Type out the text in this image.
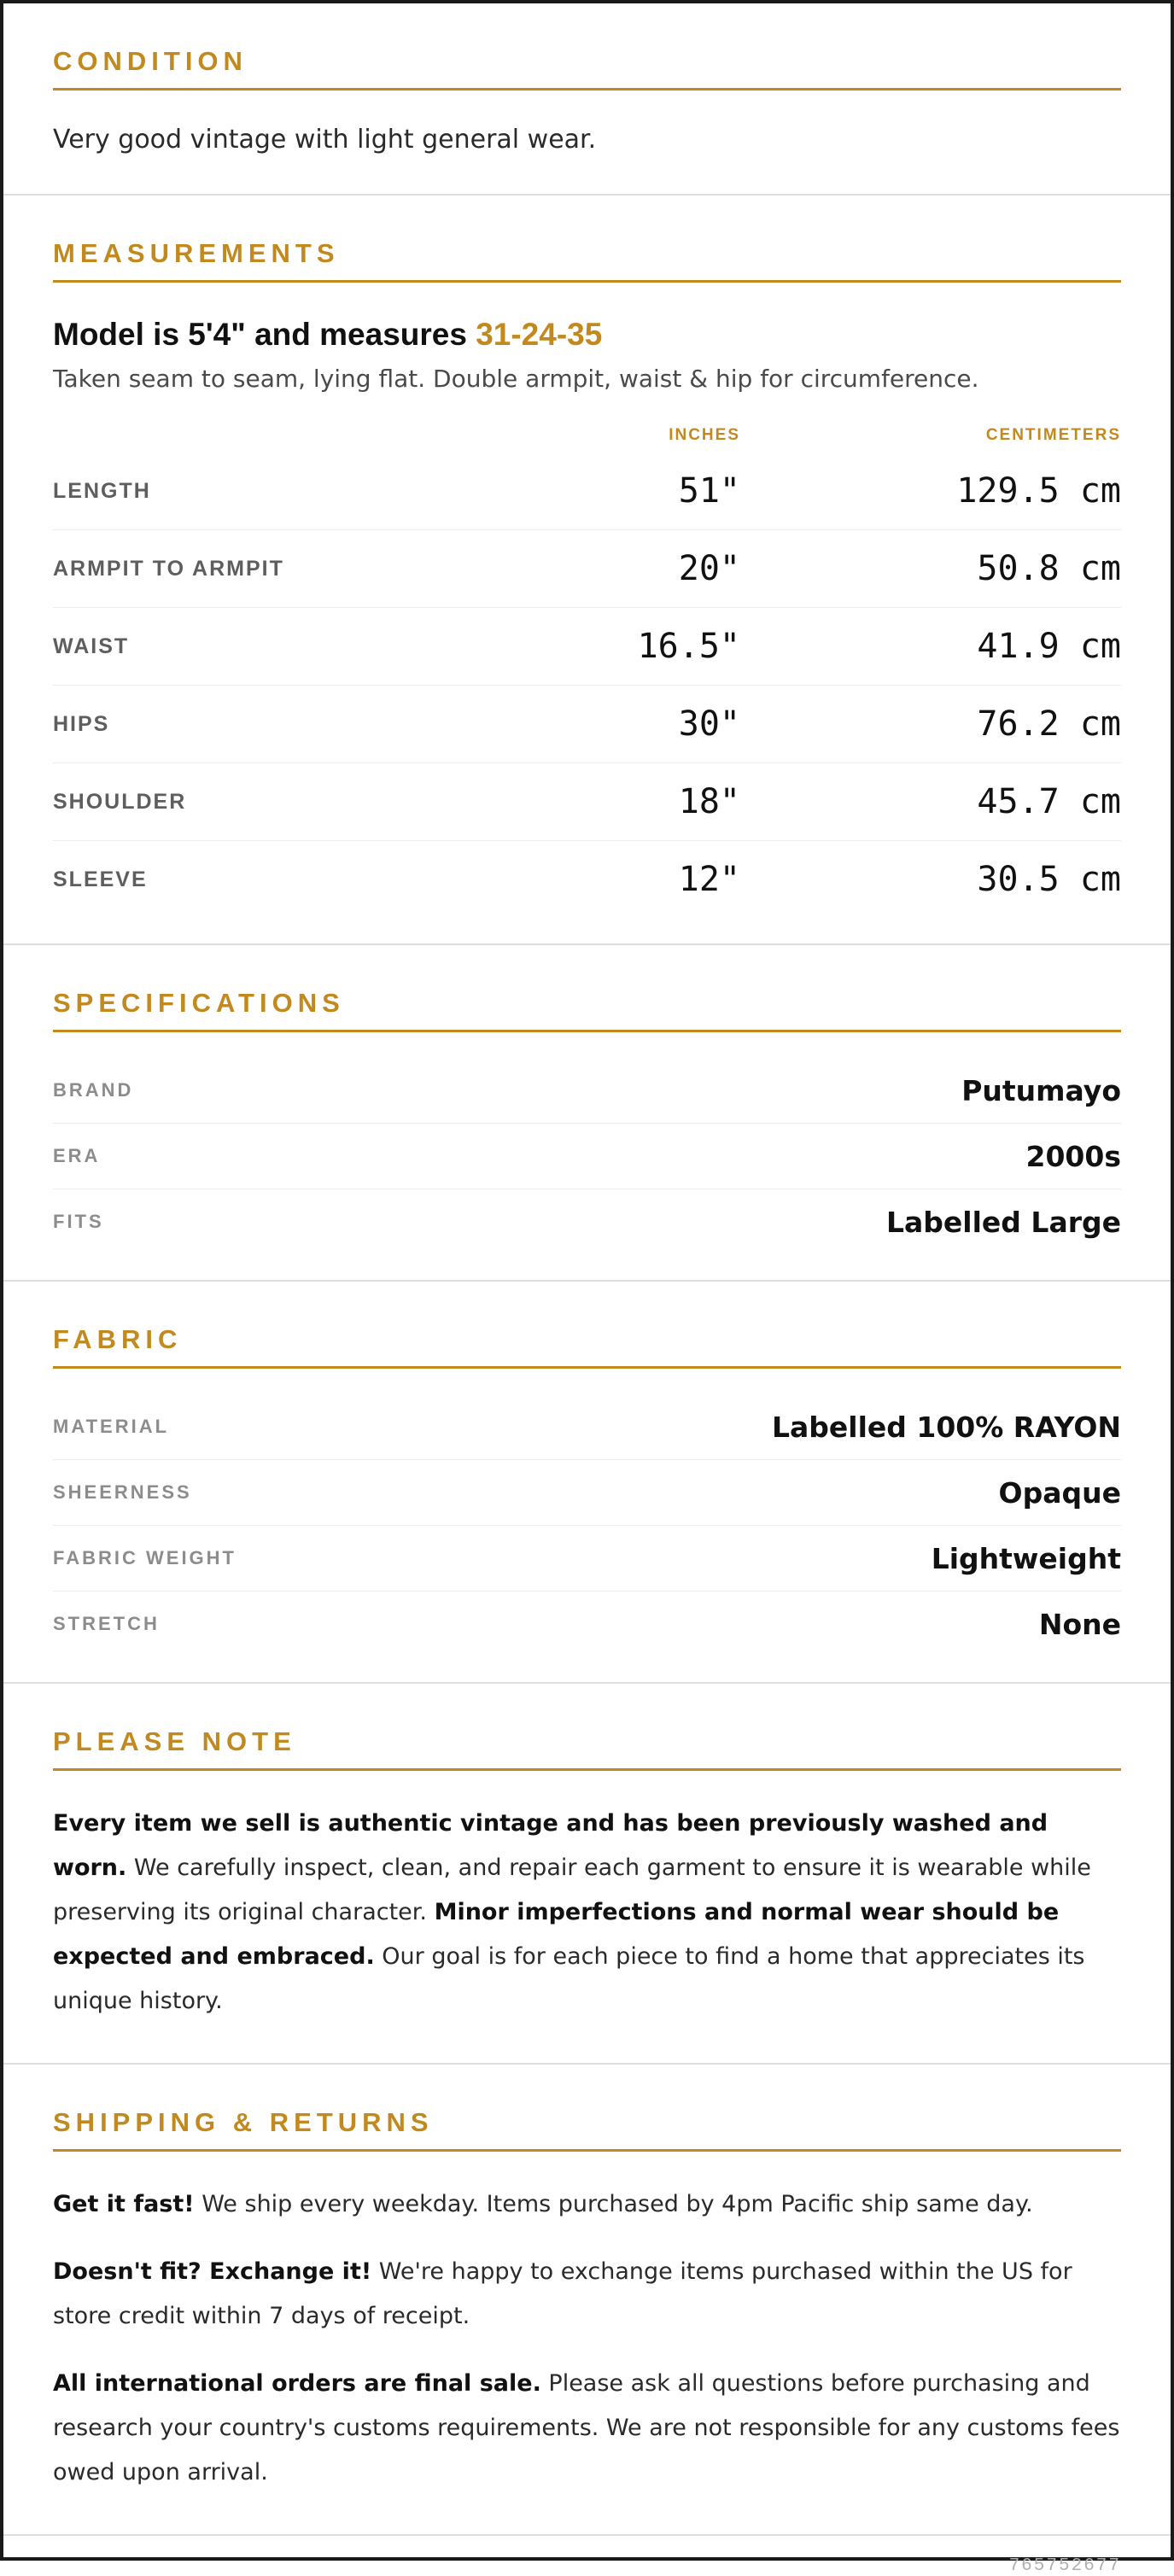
CONDITION
Very good vintage with light general wear.
MEASUREMENTS
Model is 5'4" and measures 31-24-35
Taken seam to seam, lying flat. Double armpit, waist & hip for circumference.
INCHES	CENTIMETERS
LENGTH	51"	129.5 cm
ARMPIT TO ARMPIT	20"	50.8 cm
WAIST	16.5"	41.9 cm
HIPS	30"	76.2 cm
SHOULDER	18"	45.7 cm
SLEEVE	12"	30.5 cm
SPECIFICATIONS
BRAND	Putumayo
ERA	2000s
FITS	Labelled Large
FABRIC
MATERIAL	Labelled 100% RAYON
SHEERNESS	Opaque
FABRIC WEIGHT	Lightweight
STRETCH	None
PLEASE NOTE

Every item we sell is authentic vintage and has been previously washed and worn. We carefully inspect, clean, and repair each garment to ensure it is wearable while preserving its original character. Minor imperfections and normal wear should be expected and embraced. Our goal is for each piece to find a home that appreciates its unique history.

SHIPPING & RETURNS

Get it fast! We ship every weekday. Items purchased by 4pm Pacific ship same day.

Doesn't fit? Exchange it! We're happy to exchange items purchased within the US for store credit within 7 days of receipt.

All international orders are final sale. Please ask all questions before purchasing and research your country's customs requirements. We are not responsible for any customs fees owed upon arrival.

765752677
